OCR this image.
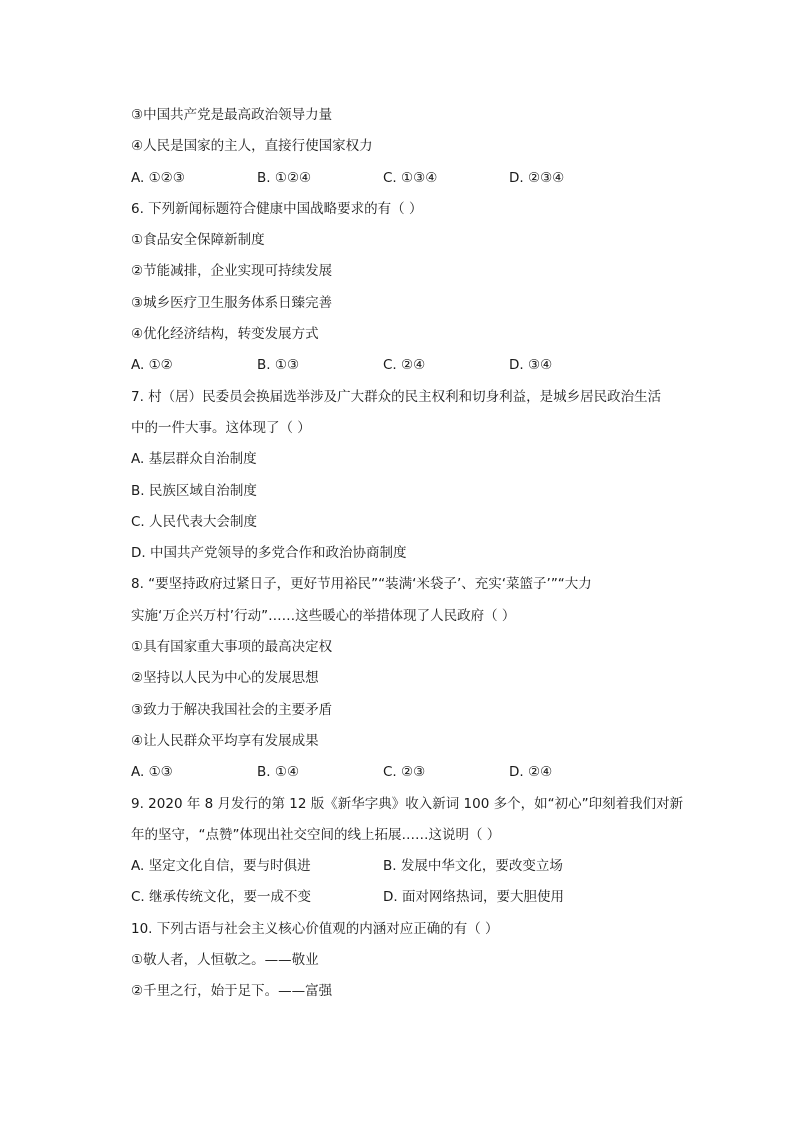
③中国共产党是最高政治领导力量
④人民是国家的主人，直接行使国家权力
A. ①②③	B. ①②④	C. ①③④	D. ②③④
6. 下列新闻标题符合健康中国战略要求的有（ ）
①食品安全保障新制度
②节能减排，企业实现可持续发展
③城乡医疗卫生服务体系日臻完善
④优化经济结构，转变发展方式
A. ①②	B. ①③	C. ②④	D. ③④
7. 村（居）民委员会换届选举涉及广大群众的民主权利和切身利益，是城乡居民政治生活
中的一件大事。这体现了（ ）
A. 基层群众自治制度
B. 民族区域自治制度
C. 人民代表大会制度
D. 中国共产党领导的多党合作和政治协商制度
8. “要坚持政府过紧日子，更好节用裕民”“装满‘米袋子’、充实‘菜篮子’”“大力
实施‘万企兴万村’行动”……这些暖心的举措体现了人民政府（ ）
①具有国家重大事项的最高决定权
②坚持以人民为中心的发展思想
③致力于解决我国社会的主要矛盾
④让人民群众平均享有发展成果
A. ①③	B. ①④	C. ②③	D. ②④
9. 2020 年 8 月发行的第 12 版《新华字典》收入新词 100 多个，如“初心”印刻着我们对新
年的坚守，“点赞”体现出社交空间的线上拓展……这说明（ ）
A. 坚定文化自信，要与时俱进	B. 发展中华文化，要改变立场
C. 继承传统文化，要一成不变	D. 面对网络热词，要大胆使用
10. 下列古语与社会主义核心价值观的内涵对应正确的有（ ）
①敬人者，人恒敬之。——敬业
②千里之行，始于足下。——富强
